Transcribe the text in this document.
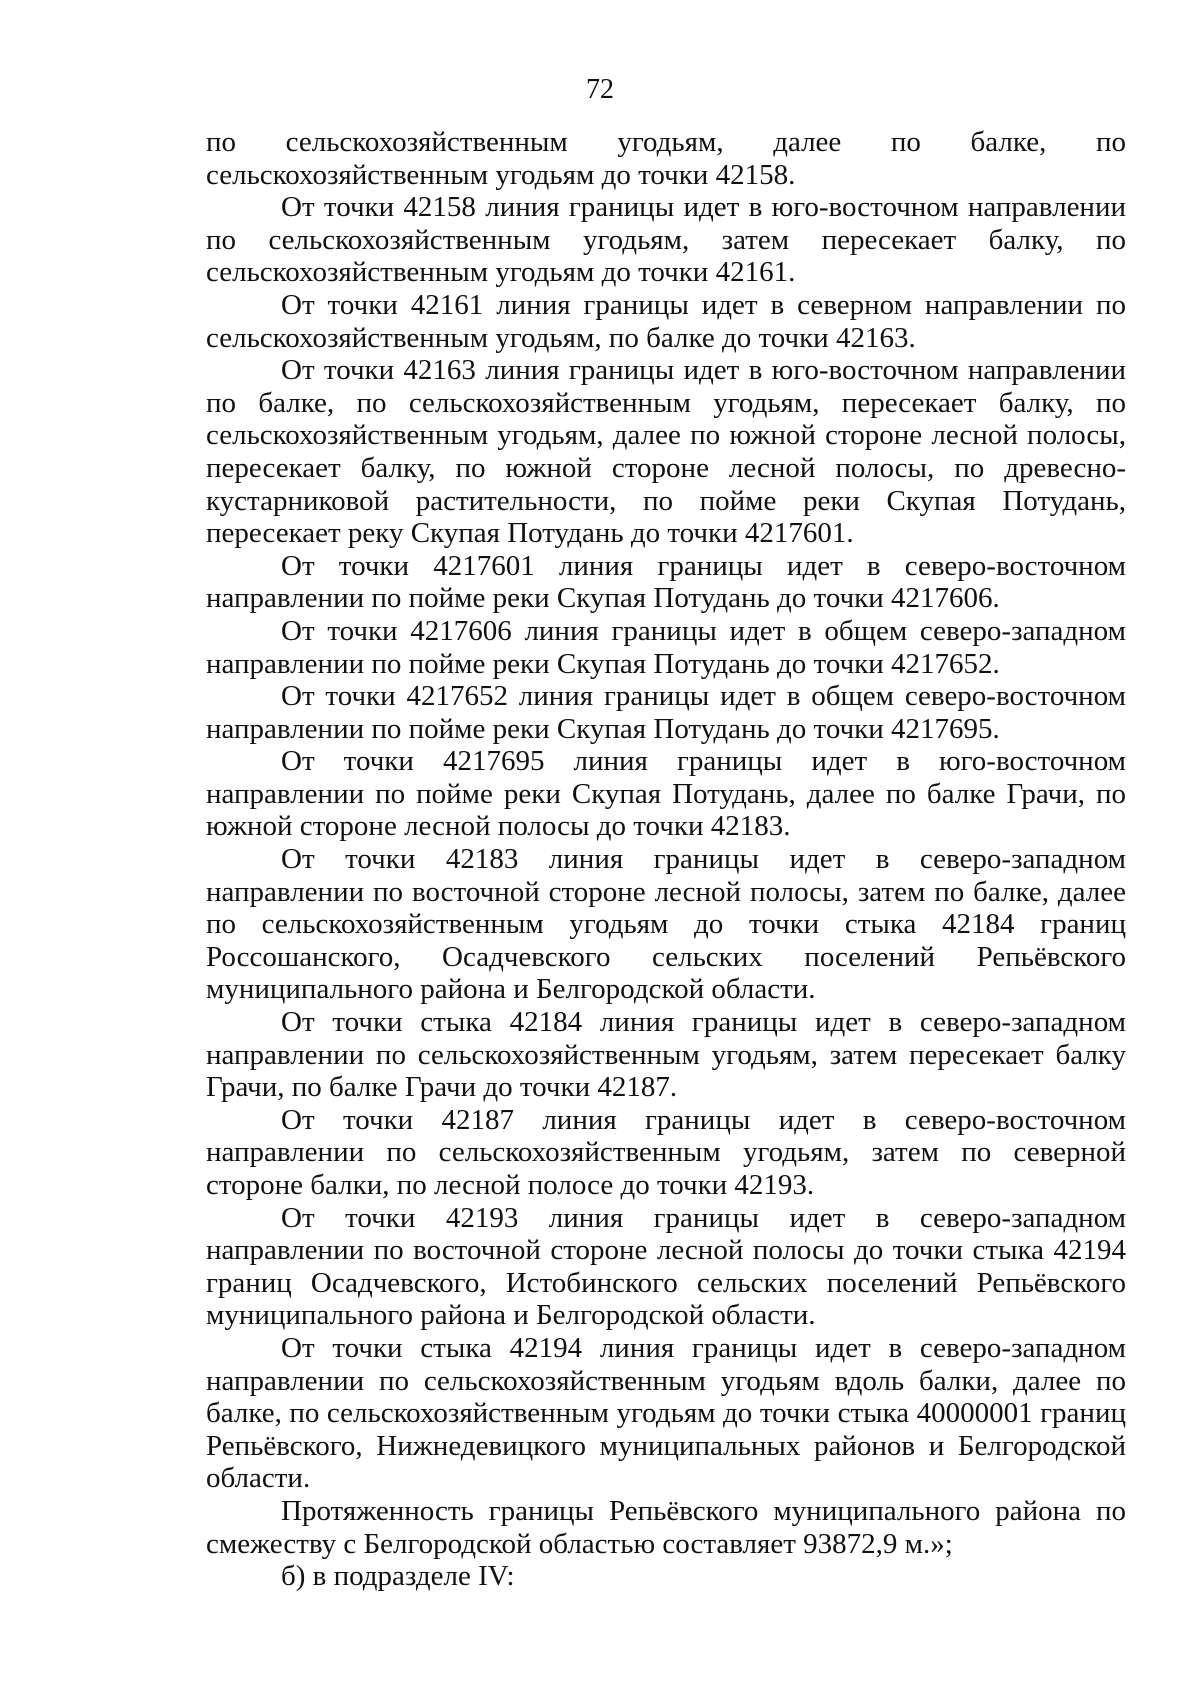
72

по сельскохозяйственным угодьям, далее по балке, по сельскохозяйственным угодьям до точки 42158.

От точки 42158 линия границы идет в юго-восточном направлении по сельскохозяйственным угодьям, затем пересекает балку, по сельскохозяйственным угодьям до точки 42161.

От точки 42161 линия границы идет в северном направлении по сельскохозяйственным угодьям, по балке до точки 42163.

От точки 42163 линия границы идет в юго-восточном направлении по балке, по сельскохозяйственным угодьям, пересекает балку, по сельскохозяйственным угодьям, далее по южной стороне лесной полосы, пересекает балку, по южной стороне лесной полосы, по древесно-кустарниковой растительности, по пойме реки Скупая Потудань, пересекает реку Скупая Потудань до точки 4217601.

От точки 4217601 линия границы идет в северо-восточном направлении по пойме реки Скупая Потудань до точки 4217606.

От точки 4217606 линия границы идет в общем северо-западном направлении по пойме реки Скупая Потудань до точки 4217652.

От точки 4217652 линия границы идет в общем северо-восточном направлении по пойме реки Скупая Потудань до точки 4217695.

От точки 4217695 линия границы идет в юго-восточном направлении по пойме реки Скупая Потудань, далее по балке Грачи, по южной стороне лесной полосы до точки 42183.

От точки 42183 линия границы идет в северо-западном направлении по восточной стороне лесной полосы, затем по балке, далее по сельскохозяйственным угодьям до точки стыка 42184 границ Россошанского, Осадчевского сельских поселений Репьёвского муниципального района и Белгородской области.

От точки стыка 42184 линия границы идет в северо-западном направлении по сельскохозяйственным угодьям, затем пересекает балку Грачи, по балке Грачи до точки 42187.

От точки 42187 линия границы идет в северо-восточном направлении по сельскохозяйственным угодьям, затем по северной стороне балки, по лесной полосе до точки 42193.

От точки 42193 линия границы идет в северо-западном направлении по восточной стороне лесной полосы до точки стыка 42194 границ Осадчевского, Истобинского сельских поселений Репьёвского муниципального района и Белгородской области.

От точки стыка 42194 линия границы идет в северо-западном направлении по сельскохозяйственным угодьям вдоль балки, далее по балке, по сельскохозяйственным угодьям до точки стыка 40000001 границ Репьёвского, Нижнедевицкого муниципальных районов и Белгородской области.

Протяженность границы Репьёвского муниципального района по смежеству с Белгородской областью составляет 93872,9 м.»;

б) в подразделе IV:
